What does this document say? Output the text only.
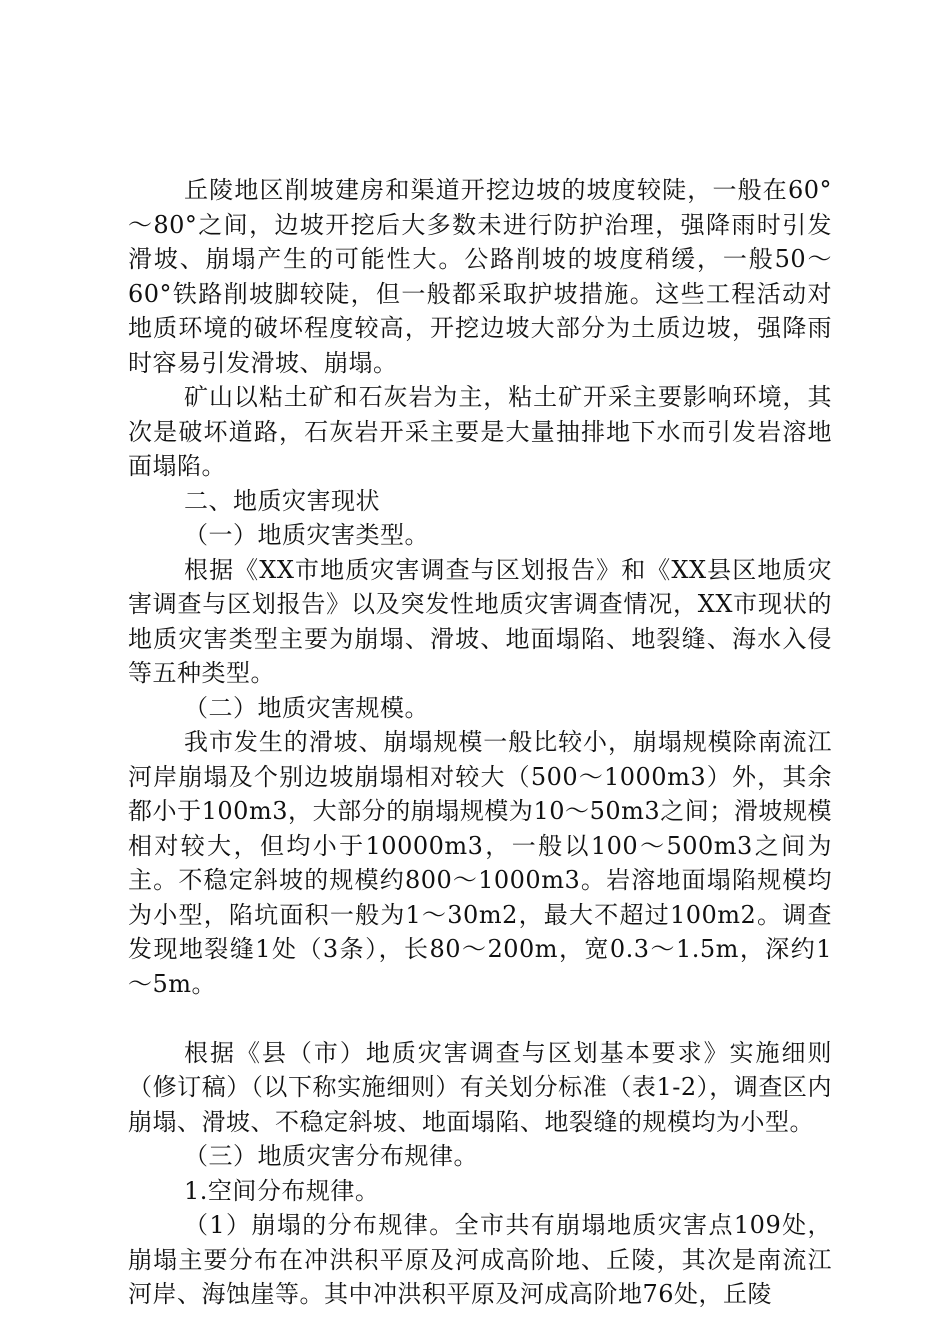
丘陵地区削坡建房和渠道开挖边坡的坡度较陡，一般在60°～80°之间，边坡开挖后大多数未进行防护治理，强降雨时引发滑坡、崩塌产生的可能性大。公路削坡的坡度稍缓，一般50～60°铁路削坡脚较陡，但一般都采取护坡措施。这些工程活动对地质环境的破坏程度较高，开挖边坡大部分为土质边坡，强降雨时容易引发滑坡、崩塌。

矿山以粘土矿和石灰岩为主，粘土矿开采主要影响环境，其次是破坏道路，石灰岩开采主要是大量抽排地下水而引发岩溶地面塌陷。

二、地质灾害现状

（一）地质灾害类型。

根据《XX市地质灾害调查与区划报告》和《XX县区地质灾害调查与区划报告》以及突发性地质灾害调查情况，XX市现状的地质灾害类型主要为崩塌、滑坡、地面塌陷、地裂缝、海水入侵等五种类型。

（二）地质灾害规模。

我市发生的滑坡、崩塌规模一般比较小，崩塌规模除南流江河岸崩塌及个别边坡崩塌相对较大（500～1000m3）外，其余都小于100m3，大部分的崩塌规模为10～50m3之间；滑坡规模相对较大，但均小于10000m3，一般以100～500m3之间为主。不稳定斜坡的规模约800～1000m3。岩溶地面塌陷规模均为小型，陷坑面积一般为1～30m2，最大不超过100m2。调查发现地裂缝1处（3条），长80～200m，宽0.3～1.5m，深约1～5m。

根据《县（市）地质灾害调查与区划基本要求》实施细则（修订稿）（以下称实施细则）有关划分标准（表1-2），调查区内崩塌、滑坡、不稳定斜坡、地面塌陷、地裂缝的规模均为小型。

（三）地质灾害分布规律。

1.空间分布规律。

（1）崩塌的分布规律。全市共有崩塌地质灾害点109处，崩塌主要分布在冲洪积平原及河成高阶地、丘陵，其次是南流江河岸、海蚀崖等。其中冲洪积平原及河成高阶地76处，丘陵
